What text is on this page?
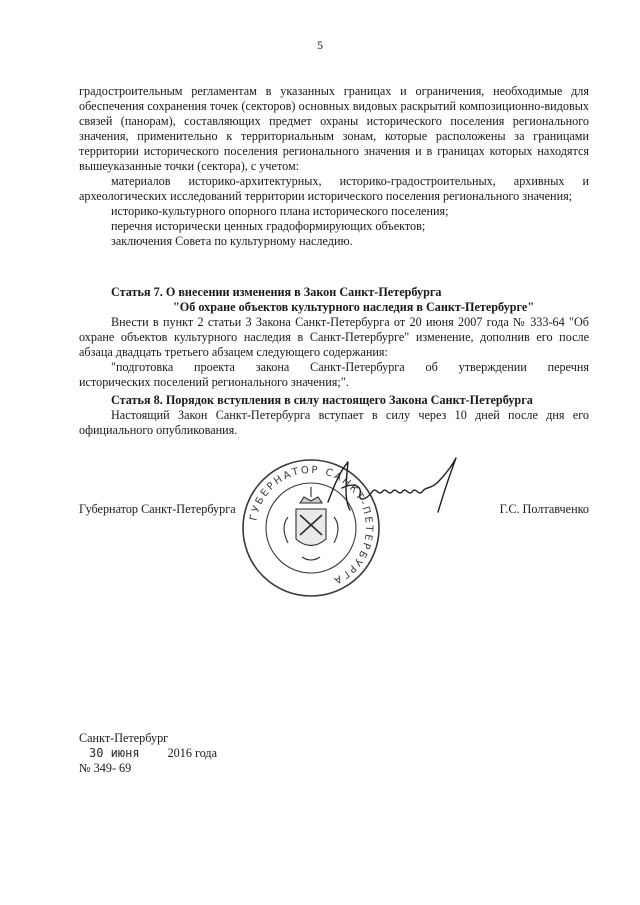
5

градостроительным регламентам в указанных границах и ограничения, необходимые для обеспечения сохранения точек (секторов) основных видовых раскрытий композиционно-видовых связей (панорам), составляющих предмет охраны исторического поселения регионального значения, применительно к территориальным зонам, которые расположены за границами территории исторического поселения регионального значения и в границах которых находятся вышеуказанные точки (сектора), с учетом:

материалов историко-архитектурных, историко-градостроительных, архивных и археологических исследований территории исторического поселения регионального значения;

историко-культурного опорного плана исторического поселения;

перечня исторически ценных градоформирующих объектов;

заключения Совета по культурному наследию.

Статья 7. О внесении изменения в Закон Санкт-Петербурга

"Об охране объектов культурного наследия в Санкт-Петербурге"

Внести в пункт 2 статьи 3 Закона Санкт-Петербурга от 20 июня 2007 года № 333-64 "Об охране объектов культурного наследия в Санкт-Петербурге" изменение, дополнив его после абзаца двадцать третьего абзацем следующего содержания:

"подготовка проекта закона Санкт-Петербурга об утверждении перечня

исторических поселений регионального значения;".

Статья 8. Порядок вступления в силу настоящего Закона Санкт-Петербурга

Настоящий Закон Санкт-Петербурга вступает в силу через 10 дней после дня его официального опубликования.

ГУБЕРНАТОР САНКТ-ПЕТЕРБУРГА
Губернатор Санкт-Петербурга	Г.С. Полтавченко
Санкт-Петербург
30 июня 2016 года
№ 349- 69
